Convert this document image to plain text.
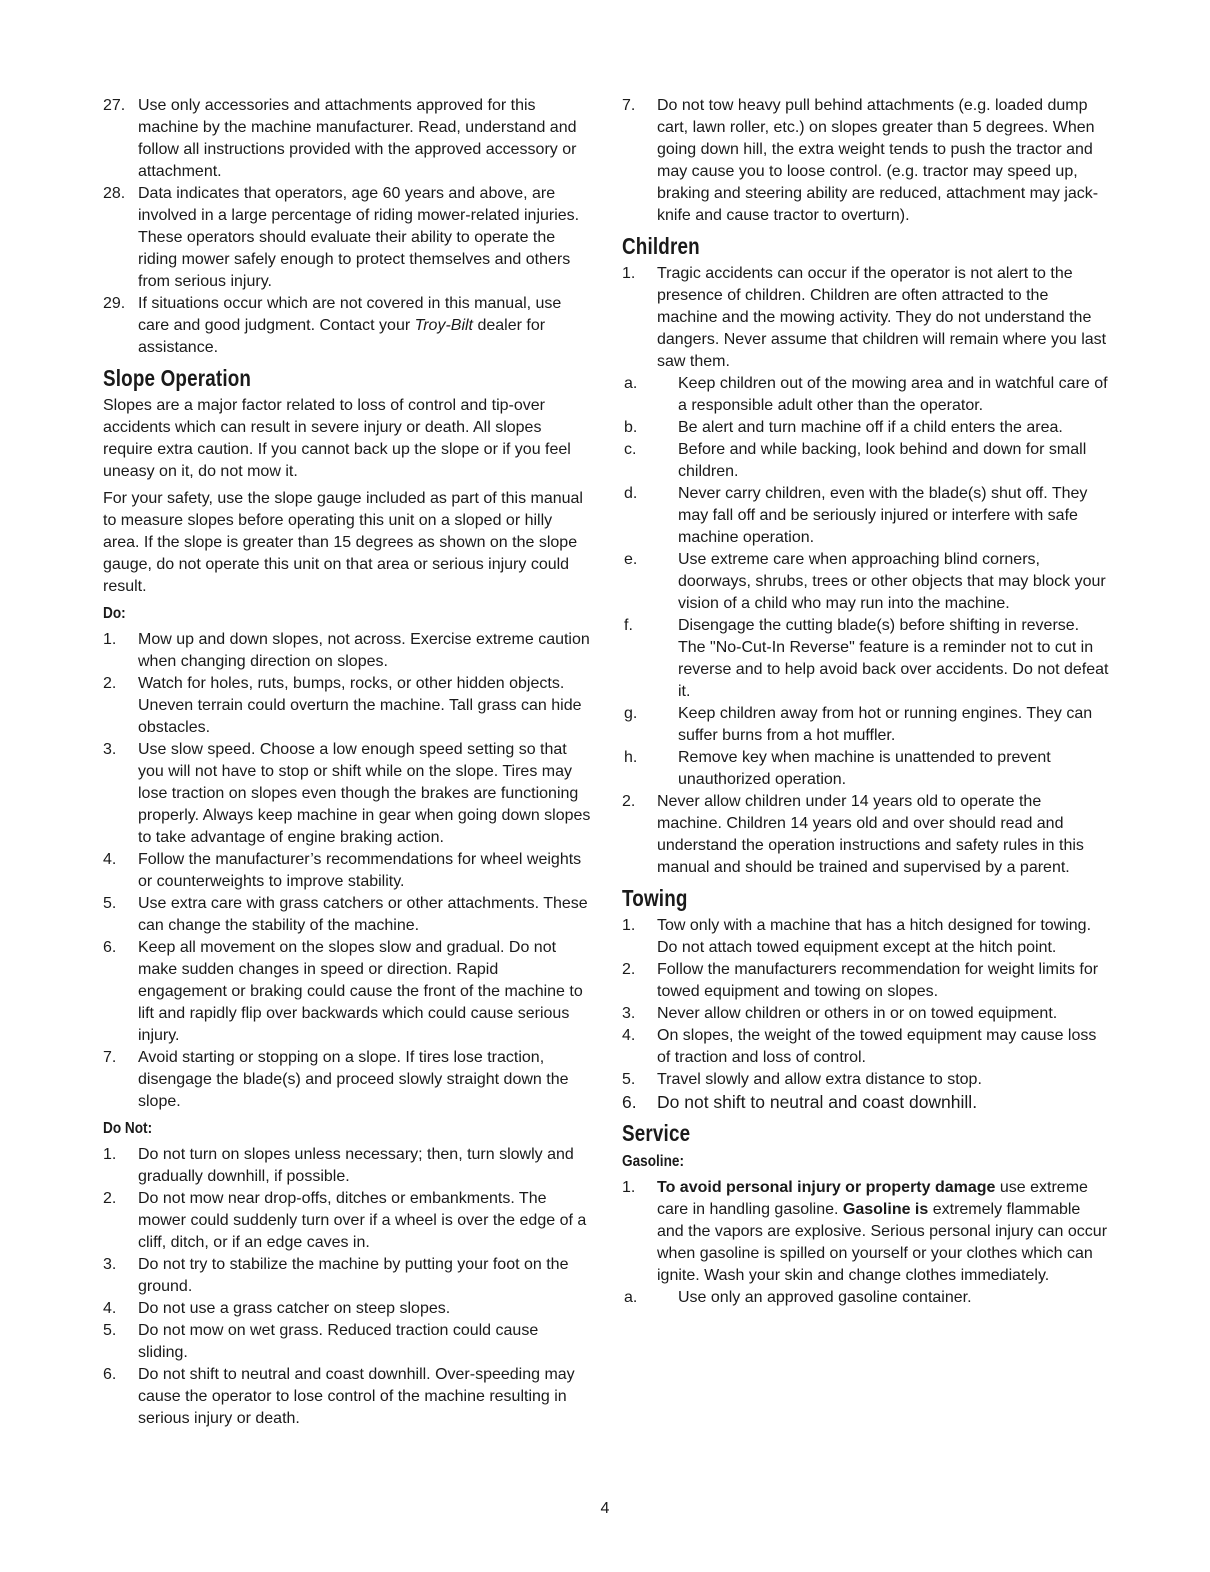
27. Use only accessories and attachments approved for this machine by the machine manufacturer. Read, understand and follow all instructions provided with the approved accessory or attachment.
28. Data indicates that operators, age 60 years and above, are involved in a large percentage of riding mower-related injuries. These operators should evaluate their ability to operate the riding mower safely enough to protect themselves and others from serious injury.
29. If situations occur which are not covered in this manual, use care and good judgment. Contact your Troy-Bilt dealer for assistance.
Slope Operation

Slopes are a major factor related to loss of control and tip-over accidents which can result in severe injury or death. All slopes require extra caution. If you cannot back up the slope or if you feel uneasy on it, do not mow it.

For your safety, use the slope gauge included as part of this manual to measure slopes before operating this unit on a sloped or hilly area. If the slope is greater than 15 degrees as shown on the slope gauge, do not operate this unit on that area or serious injury could result.

Do:
1.	Mow up and down slopes, not across. Exercise extreme caution when changing direction on slopes.
2.	Watch for holes, ruts, bumps, rocks, or other hidden objects. Uneven terrain could overturn the machine. Tall grass can hide obstacles.
3.	Use slow speed. Choose a low enough speed setting so that you will not have to stop or shift while on the slope. Tires may lose traction on slopes even though the brakes are functioning properly. Always keep machine in gear when going down slopes to take advantage of engine braking action.
4.	Follow the manufacturer’s recommendations for wheel weights or counterweights to improve stability.
5.	Use extra care with grass catchers or other attachments. These can change the stability of the machine.
6.	Keep all movement on the slopes slow and gradual. Do not make sudden changes in speed or direction. Rapid engagement or braking could cause the front of the machine to lift and rapidly flip over backwards which could cause serious injury.
7.	Avoid starting or stopping on a slope. If tires lose traction, disengage the blade(s) and proceed slowly straight down the slope.
Do Not:
1.	Do not turn on slopes unless necessary; then, turn slowly and gradually downhill, if possible.
2.	Do not mow near drop-offs, ditches or embankments. The mower could suddenly turn over if a wheel is over the edge of a cliff, ditch, or if an edge caves in.
3.	Do not try to stabilize the machine by putting your foot on the ground.
4.	Do not use a grass catcher on steep slopes.
5.	Do not mow on wet grass. Reduced traction could cause sliding.
6.	Do not shift to neutral and coast downhill. Over-speeding may cause the operator to lose control of the machine resulting in serious injury or death.
7.	Do not tow heavy pull behind attachments (e.g. loaded dump cart, lawn roller, etc.) on slopes greater than 5 degrees. When going down hill, the extra weight tends to push the tractor and may cause you to loose control. (e.g. tractor may speed up, braking and steering ability are reduced, attachment may jack-knife and cause tractor to overturn).
Children
1.	Tragic accidents can occur if the operator is not alert to the presence of children. Children are often attracted to the machine and the mowing activity. They do not understand the dangers. Never assume that children will remain where you last saw them.
a.	Keep children out of the mowing area and in watchful care of a responsible adult other than the operator.
b.	Be alert and turn machine off if a child enters the area.
c.	Before and while backing, look behind and down for small children.
d.	Never carry children, even with the blade(s) shut off. They may fall off and be seriously injured or interfere with safe machine operation.
e.	Use extreme care when approaching blind corners, doorways, shrubs, trees or other objects that may block your vision of a child who may run into the machine.
f.	Disengage the cutting blade(s) before shifting in reverse. The "No-Cut-In Reverse" feature is a reminder not to cut in reverse and to help avoid back over accidents. Do not defeat it.
g.	Keep children away from hot or running engines. They can suffer burns from a hot muffler.
h.	Remove key when machine is unattended to prevent unauthorized operation.
2.	Never allow children under 14 years old to operate the machine. Children 14 years old and over should read and understand the operation instructions and safety rules in this manual and should be trained and supervised by a parent.
Towing
1.	Tow only with a machine that has a hitch designed for towing. Do not attach towed equipment except at the hitch point.
2.	Follow the manufacturers recommendation for weight limits for towed equipment and towing on slopes.
3.	Never allow children or others in or on towed equipment.
4.	On slopes, the weight of the towed equipment may cause loss of traction and loss of control.
5.	Travel slowly and allow extra distance to stop.
6.	Do not shift to neutral and coast downhill.
Service
Gasoline:
1.	To avoid personal injury or property damage use extreme care in handling gasoline. Gasoline is extremely flammable and the vapors are explosive. Serious personal injury can occur when gasoline is spilled on yourself or your clothes which can ignite. Wash your skin and change clothes immediately.
a.	Use only an approved gasoline container.
4
